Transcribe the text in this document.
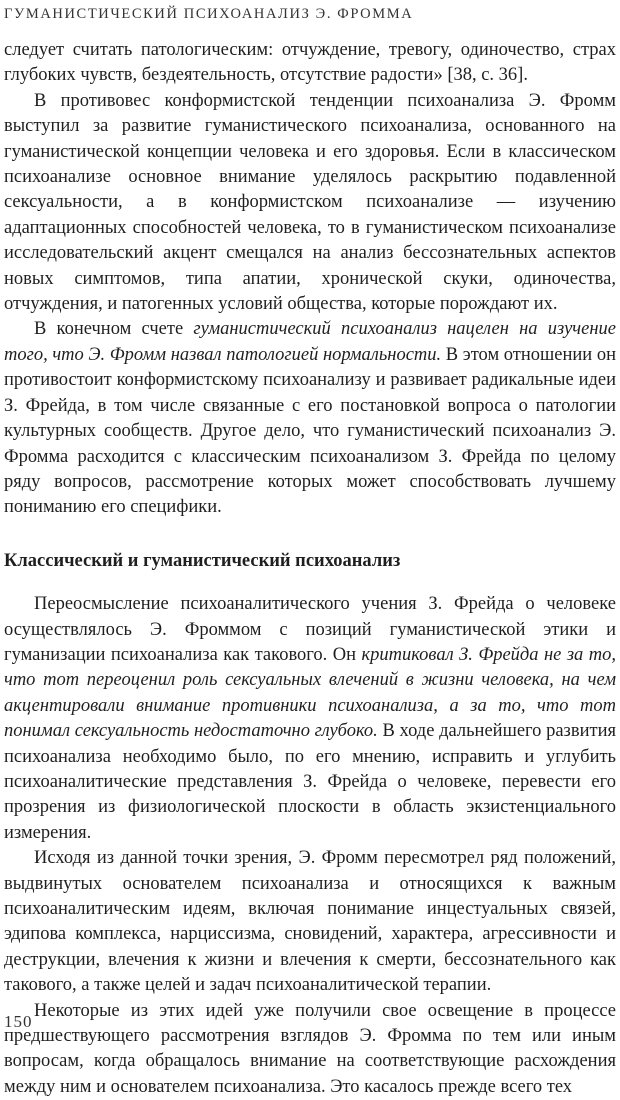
ГУМАНИСТИЧЕСКИЙ ПСИХОАНАЛИЗ Э. ФРОММА

следует считать патологическим: отчуждение, тревогу, одиночество, страх глубоких чувств, бездеятельность, отсутствие радости» [38, с. 36].

В противовес конформистской тенденции психоанализа Э. Фромм выступил за развитие гуманистического психоанализа, основанного на гуманистической концепции человека и его здоровья. Если в классическом психоанализе основное внимание уделялось раскрытию подавленной сексуальности, а в конформистском психоанализе — изучению адаптационных способностей человека, то в гуманистическом психоанализе исследовательский акцент смещался на анализ бессознательных аспектов новых симптомов, типа апатии, хронической скуки, одиночества, отчуждения, и патогенных условий общества, которые порождают их.

В конечном счете гуманистический психоанализ нацелен на изучение того, что Э. Фромм назвал патологией нормальности. В этом отношении он противостоит конформистскому психоанализу и развивает радикальные идеи З. Фрейда, в том числе связанные с его постановкой вопроса о патологии культурных сообществ. Другое дело, что гуманистический психоанализ Э. Фромма расходится с классическим психоанализом З. Фрейда по целому ряду вопросов, рассмотрение которых может способствовать лучшему пониманию его специфики.

Классический и гуманистический психоанализ

Переосмысление психоаналитического учения З. Фрейда о человеке осуществлялось Э. Фроммом с позиций гуманистической этики и гуманизации психоанализа как такового. Он критиковал З. Фрейда не за то, что тот переоценил роль сексуальных влечений в жизни человека, на чем акцентировали внимание противники психоанализа, а за то, что тот понимал сексуальность недостаточно глубоко. В ходе дальнейшего развития психоанализа необходимо было, по его мнению, исправить и углубить психоаналитические представления З. Фрейда о человеке, перевести его прозрения из физиологической плоскости в область экзистенциального измерения.

Исходя из данной точки зрения, Э. Фромм пересмотрел ряд положений, выдвинутых основателем психоанализа и относящихся к важным психоаналитическим идеям, включая понимание инцестуальных связей, эдипова комплекса, нарциссизма, сновидений, характера, агрессивности и деструкции, влечения к жизни и влечения к смерти, бессознательного как такового, а также целей и задач психоаналитической терапии.

Некоторые из этих идей уже получили свое освещение в процессе предшествующего рассмотрения взглядов Э. Фромма по тем или иным вопросам, когда обращалось внимание на соответствующие расхождения между ним и основателем психоанализа. Это касалось прежде всего тех

150
